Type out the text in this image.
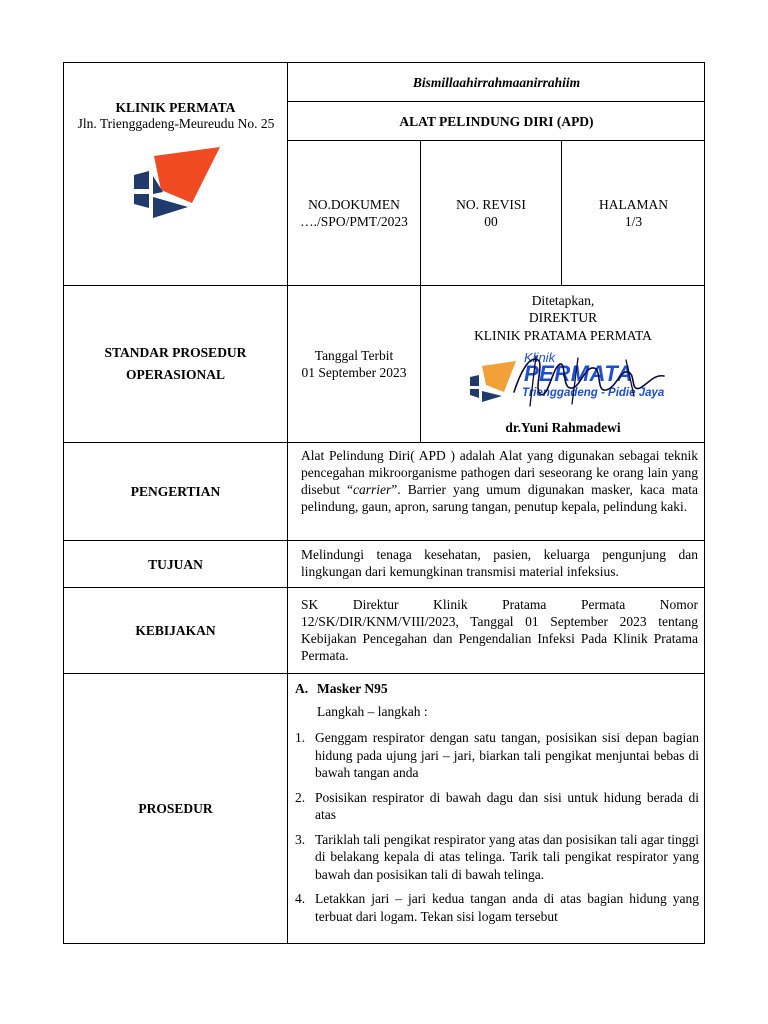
KLINIK PERMATA
Jln. Trienggadeng-Meureudu No. 25
Bismillaahirrahmaanirrahiim
ALAT PELINDUNG DIRI (APD)
NO.DOKUMEN
…./SPO/PMT/2023
NO. REVISI
00
HALAMAN
1/3
STANDAR PROSEDUR
OPERASIONAL
Tanggal Terbit
01 September 2023
Ditetapkan,
DIREKTUR
KLINIK PRATAMA PERMATA
Klinik
PERMATA
Trienggadeng - Pidie Jaya
dr.Yuni Rahmadewi
PENGERTIAN
Alat Pelindung Diri( APD ) adalah Alat yang digunakan sebagai teknik pencegahan mikroorganisme pathogen dari seseorang ke orang lain yang disebut “carrier”. Barrier yang umum digunakan masker, kaca mata pelindung, gaun, apron, sarung tangan, penutup kepala, pelindung kaki.
TUJUAN
Melindungi tenaga kesehatan, pasien, keluarga pengunjung dan lingkungan dari kemungkinan transmisi material infeksius.
KEBIJAKAN
SK Direktur Klinik Pratama Permata Nomor 12/SK/DIR/KNM/VIII/2023, Tanggal 01 September 2023 tentang Kebijakan Pencegahan dan Pengendalian Infeksi Pada Klinik Pratama Permata.
PROSEDUR
A. Masker N95
Langkah – langkah :
1. Genggam respirator dengan satu tangan, posisikan sisi depan bagian hidung pada ujung jari – jari, biarkan tali pengikat menjuntai bebas di bawah tangan anda
2. Posisikan respirator di bawah dagu dan sisi untuk hidung berada di atas
3. Tariklah tali pengikat respirator yang atas dan posisikan tali agar tinggi di belakang kepala di atas telinga. Tarik tali pengikat respirator yang bawah dan posisikan tali di bawah telinga.
4. Letakkan jari – jari kedua tangan anda di atas bagian hidung yang terbuat dari logam. Tekan sisi logam tersebut
